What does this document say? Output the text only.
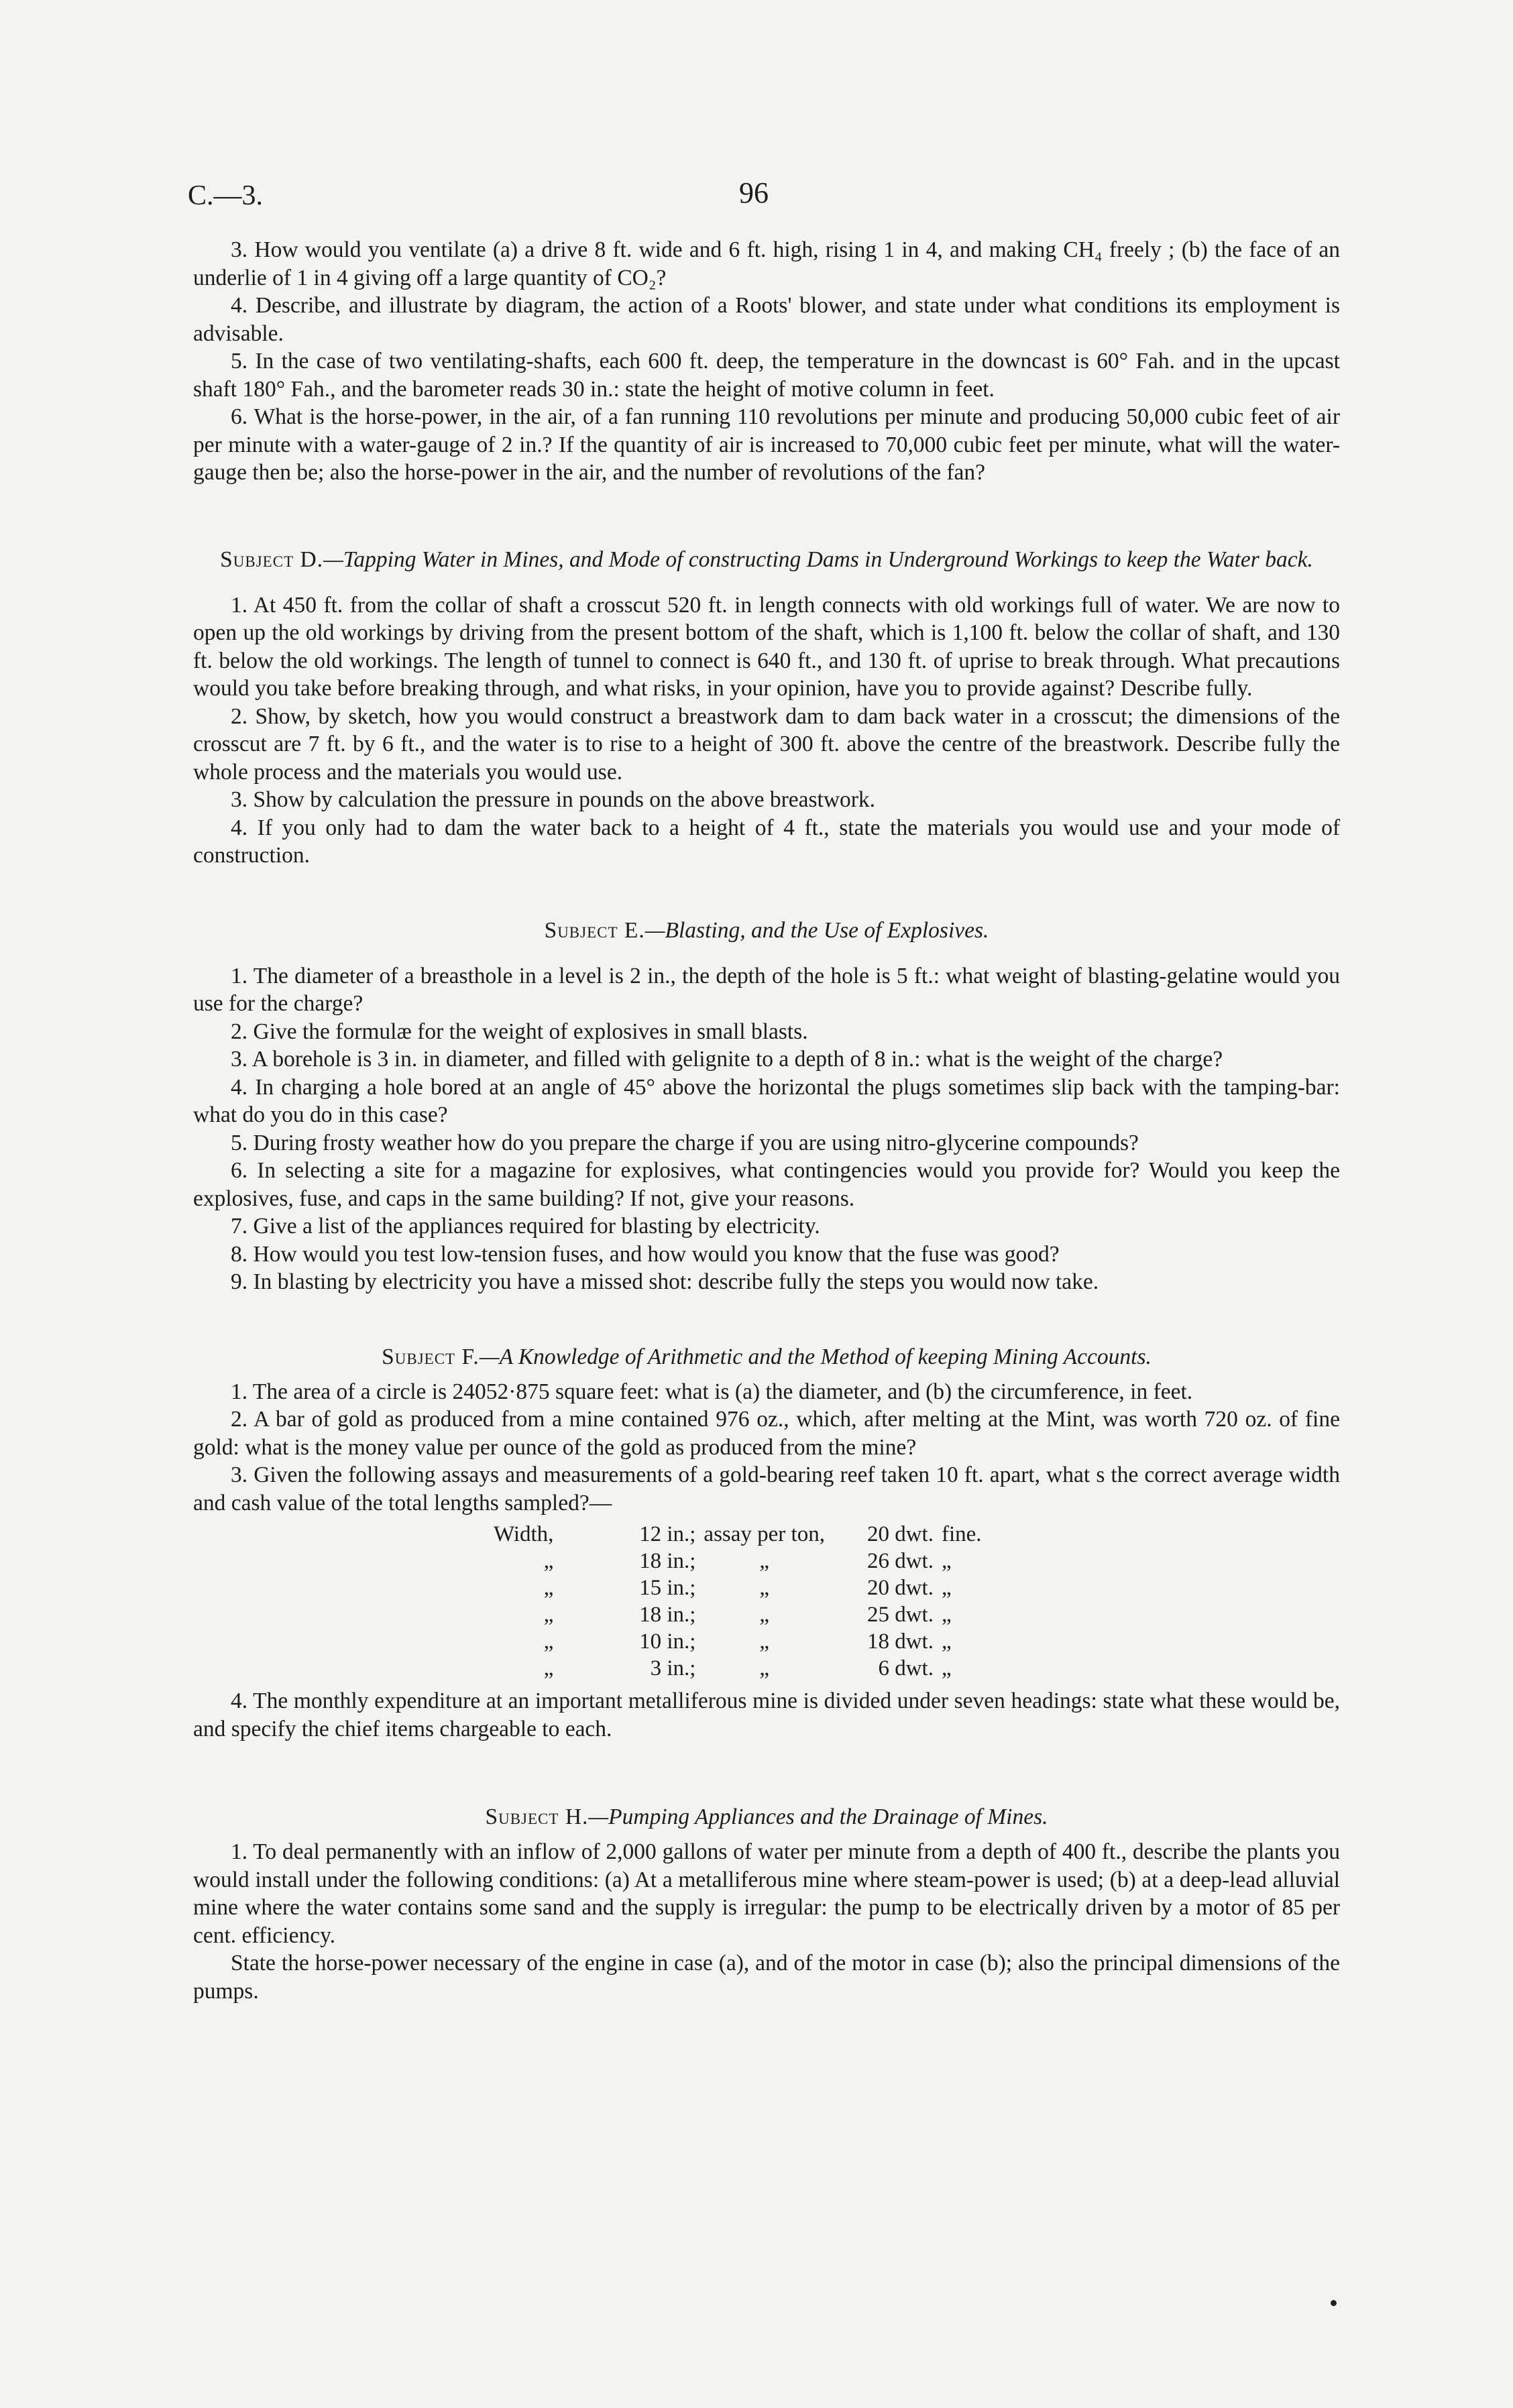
C.—3.	96

3. How would you ventilate (a) a drive 8 ft. wide and 6 ft. high, rising 1 in 4, and making CH₄ freely ; (b) the face of an underlie of 1 in 4 giving off a large quantity of CO₂?

4. Describe, and illustrate by diagram, the action of a Roots' blower, and state under what conditions its employment is advisable.

5. In the case of two ventilating-shafts, each 600 ft. deep, the temperature in the downcast is 60° Fah. and in the upcast shaft 180° Fah., and the barometer reads 30 in.: state the height of motive column in feet.

6. What is the horse-power, in the air, of a fan running 110 revolutions per minute and producing 50,000 cubic feet of air per minute with a water-gauge of 2 in.? If the quantity of air is increased to 70,000 cubic feet per minute, what will the water-gauge then be; also the horse-power in the air, and the number of revolutions of the fan?

Subject D.—Tapping Water in Mines, and Mode of constructing Dams in Underground Workings to keep the Water back.

1. At 450 ft. from the collar of shaft a crosscut 520 ft. in length connects with old workings full of water. We are now to open up the old workings by driving from the present bottom of the shaft, which is 1,100 ft. below the collar of shaft, and 130 ft. below the old workings. The length of tunnel to connect is 640 ft., and 130 ft. of uprise to break through. What precautions would you take before breaking through, and what risks, in your opinion, have you to provide against? Describe fully.

2. Show, by sketch, how you would construct a breastwork dam to dam back water in a crosscut; the dimensions of the crosscut are 7 ft. by 6 ft., and the water is to rise to a height of 300 ft. above the centre of the breastwork. Describe fully the whole process and the materials you would use.

3. Show by calculation the pressure in pounds on the above breastwork.

4. If you only had to dam the water back to a height of 4 ft., state the materials you would use and your mode of construction.

Subject E.—Blasting, and the Use of Explosives.

1. The diameter of a breasthole in a level is 2 in., the depth of the hole is 5 ft.: what weight of blasting-gelatine would you use for the charge?

2. Give the formulæ for the weight of explosives in small blasts.

3. A borehole is 3 in. in diameter, and filled with gelignite to a depth of 8 in.: what is the weight of the charge?

4. In charging a hole bored at an angle of 45° above the horizontal the plugs sometimes slip back with the tamping-bar: what do you do in this case?

5. During frosty weather how do you prepare the charge if you are using nitro-glycerine compounds?

6. In selecting a site for a magazine for explosives, what contingencies would you provide for? Would you keep the explosives, fuse, and caps in the same building? If not, give your reasons.

7. Give a list of the appliances required for blasting by electricity.

8. How would you test low-tension fuses, and how would you know that the fuse was good?

9. In blasting by electricity you have a missed shot: describe fully the steps you would now take.

Subject F.—A Knowledge of Arithmetic and the Method of keeping Mining Accounts.

1. The area of a circle is 24052·875 square feet: what is (a) the diameter, and (b) the circumference, in feet.

2. A bar of gold as produced from a mine contained 976 oz., which, after melting at the Mint, was worth 720 oz. of fine gold: what is the money value per ounce of the gold as produced from the mine?

3. Given the following assays and measurements of a gold-bearing reef taken 10 ft. apart, what s the correct average width and cash value of the total lengths sampled?—

Width,	12 in.;	assay per ton,	20 dwt.	fine.
„	18 in.;	„	26 dwt.	„
„	15 in.;	„	20 dwt.	„
„	18 in.;	„	25 dwt.	„
„	10 in.;	„	18 dwt.	„
„	3 in.;	„	6 dwt.	„

4. The monthly expenditure at an important metalliferous mine is divided under seven headings: state what these would be, and specify the chief items chargeable to each.

Subject H.—Pumping Appliances and the Drainage of Mines.

1. To deal permanently with an inflow of 2,000 gallons of water per minute from a depth of 400 ft., describe the plants you would install under the following conditions: (a) At a metalliferous mine where steam-power is used; (b) at a deep-lead alluvial mine where the water contains some sand and the supply is irregular: the pump to be electrically driven by a motor of 85 per cent. efficiency.

State the horse-power necessary of the engine in case (a), and of the motor in case (b); also the principal dimensions of the pumps.
